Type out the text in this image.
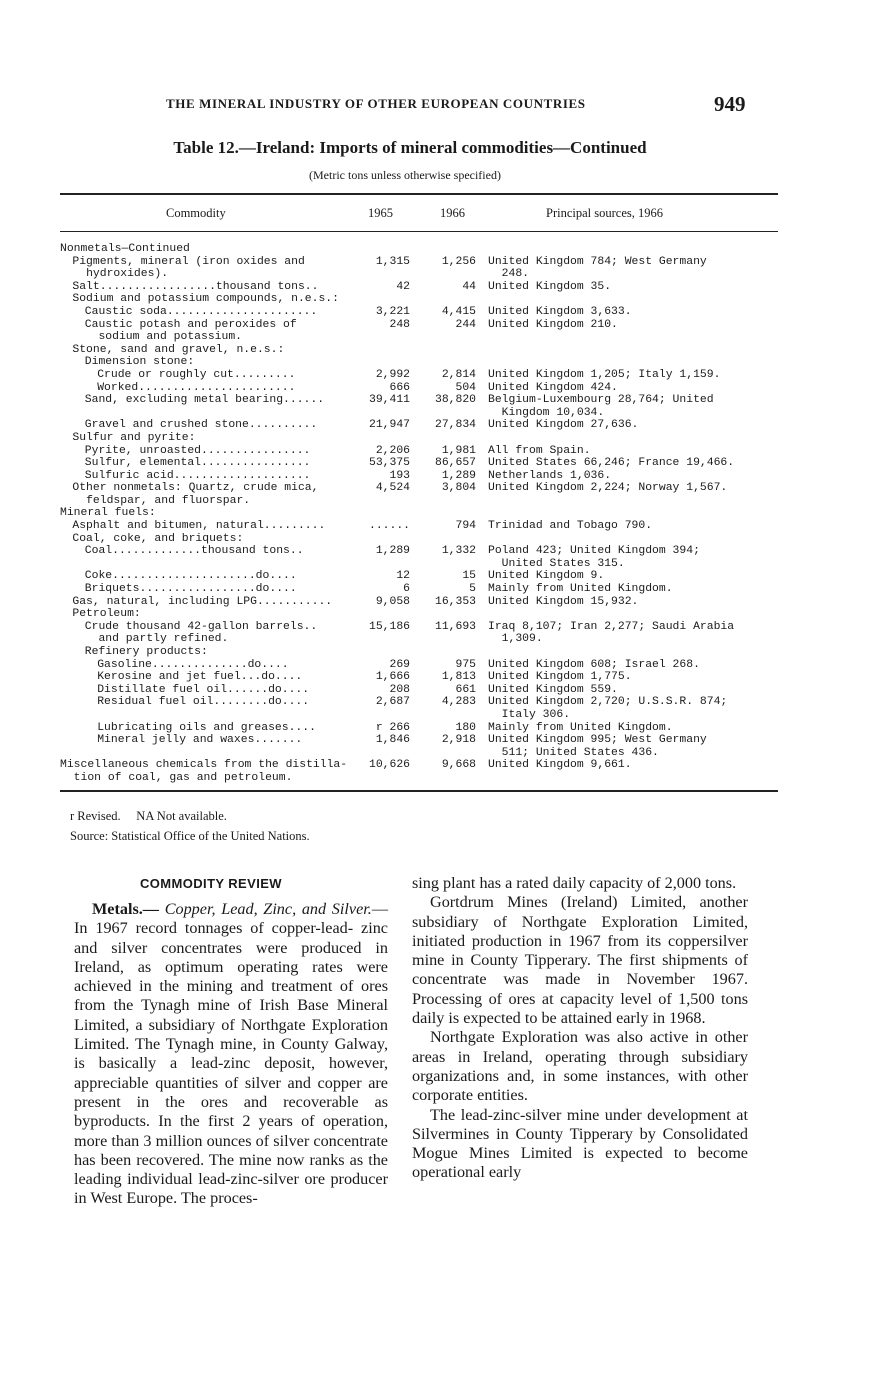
THE MINERAL INDUSTRY OF OTHER EUROPEAN COUNTRIES	949
Table 12.—Ireland: Imports of mineral commodities—Continued
(Metric tons unless otherwise specified)
Commodity	1965	1966	Principal sources, 1966
Nonmetals—Continued
Pigments, mineral (iron oxides and
hydroxides).
1,315	1,256 United Kingdom 784; West Germany
248.
Salt.................thousand tons..	42	44 United Kingdom 35.
Sodium and potassium compounds, n.e.s.:
Caustic soda......................	3,221	4,415 United Kingdom 3,633.
Caustic potash and peroxides of
sodium and potassium.
248	244 United Kingdom 210.
Stone, sand and gravel, n.e.s.:
Dimension stone:
Crude or roughly cut.........	2,992	2,814 United Kingdom 1,205; Italy 1,159.
Worked.......................	666	504 United Kingdom 424.
Sand, excluding metal bearing......	39,411	38,820 Belgium-Luxembourg 28,764; United
Kingdom 10,034.
Gravel and crushed stone..........	21,947	27,834 United Kingdom 27,636.
Sulfur and pyrite:
Pyrite, unroasted................	2,206	1,981 All from Spain.
Sulfur, elemental................	53,375	86,657 United States 66,246; France 19,466.
Sulfuric acid....................	193	1,289 Netherlands 1,036.
Other nonmetals: Quartz, crude mica,
feldspar, and fluorspar.
4,524	3,804 United Kingdom 2,224; Norway 1,567.
Mineral fuels:
Asphalt and bitumen, natural.........	......	794 Trinidad and Tobago 790.
Coal, coke, and briquets:
Coal.............thousand tons..	1,289	1,332 Poland 423; United Kingdom 394;
United States 315.
Coke.....................do....	12	15 United Kingdom 9.
Briquets.................do....	6	5 Mainly from United Kingdom.
Gas, natural, including LPG...........	9,058	16,353 United Kingdom 15,932.
Petroleum:
Crude thousand 42-gallon barrels..
and partly refined.
15,186	11,693 Iraq 8,107; Iran 2,277; Saudi Arabia
1,309.
Refinery products:
Gasoline..............do....	269	975 United Kingdom 608; Israel 268.
Kerosine and jet fuel...do....	1,666	1,813 United Kingdom 1,775.
Distillate fuel oil......do....	208	661 United Kingdom 559.
Residual fuel oil........do....	2,687	4,283 United Kingdom 2,720; U.S.S.R. 874;
Italy 306.
Lubricating oils and greases....	r 266	180 Mainly from United Kingdom.
Mineral jelly and waxes.......	1,846	2,918 United Kingdom 995; West Germany
511; United States 436.
Miscellaneous chemicals from the distilla-
tion of coal, gas and petroleum.
10,626	9,668 United Kingdom 9,661.
r Revised.     NA Not available.
Source: Statistical Office of the United Nations.
COMMODITY REVIEW

Metals.— Copper, Lead, Zinc, and Silver.—In 1967 record tonnages of copper-lead- zinc and silver concentrates were produced in Ireland, as optimum operating rates were achieved in the mining and treatment of ores from the Tynagh mine of Irish Base Mineral Limited, a subsidiary of Northgate Exploration Limited. The Tynagh mine, in County Galway, is basically a lead-zinc deposit, however, appreciable quantities of silver and copper are present in the ores and recoverable as byproducts. In the first 2 years of operation, more than 3 million ounces of silver concentrate has been recovered. The mine now ranks as the leading individual lead-zinc-silver ore producer in West Europe. The proces-

sing plant has a rated daily capacity of 2,000 tons.

Gortdrum Mines (Ireland) Limited, another subsidiary of Northgate Exploration Limited, initiated production in 1967 from its coppersilver mine in County Tipperary. The first shipments of concentrate was made in November 1967. Processing of ores at capacity level of 1,500 tons daily is expected to be attained early in 1968.

Northgate Exploration was also active in other areas in Ireland, operating through subsidiary organizations and, in some instances, with other corporate entities.

The lead-zinc-silver mine under development at Silvermines in County Tipperary by Consolidated Mogue Mines Limited is expected to become operational early
